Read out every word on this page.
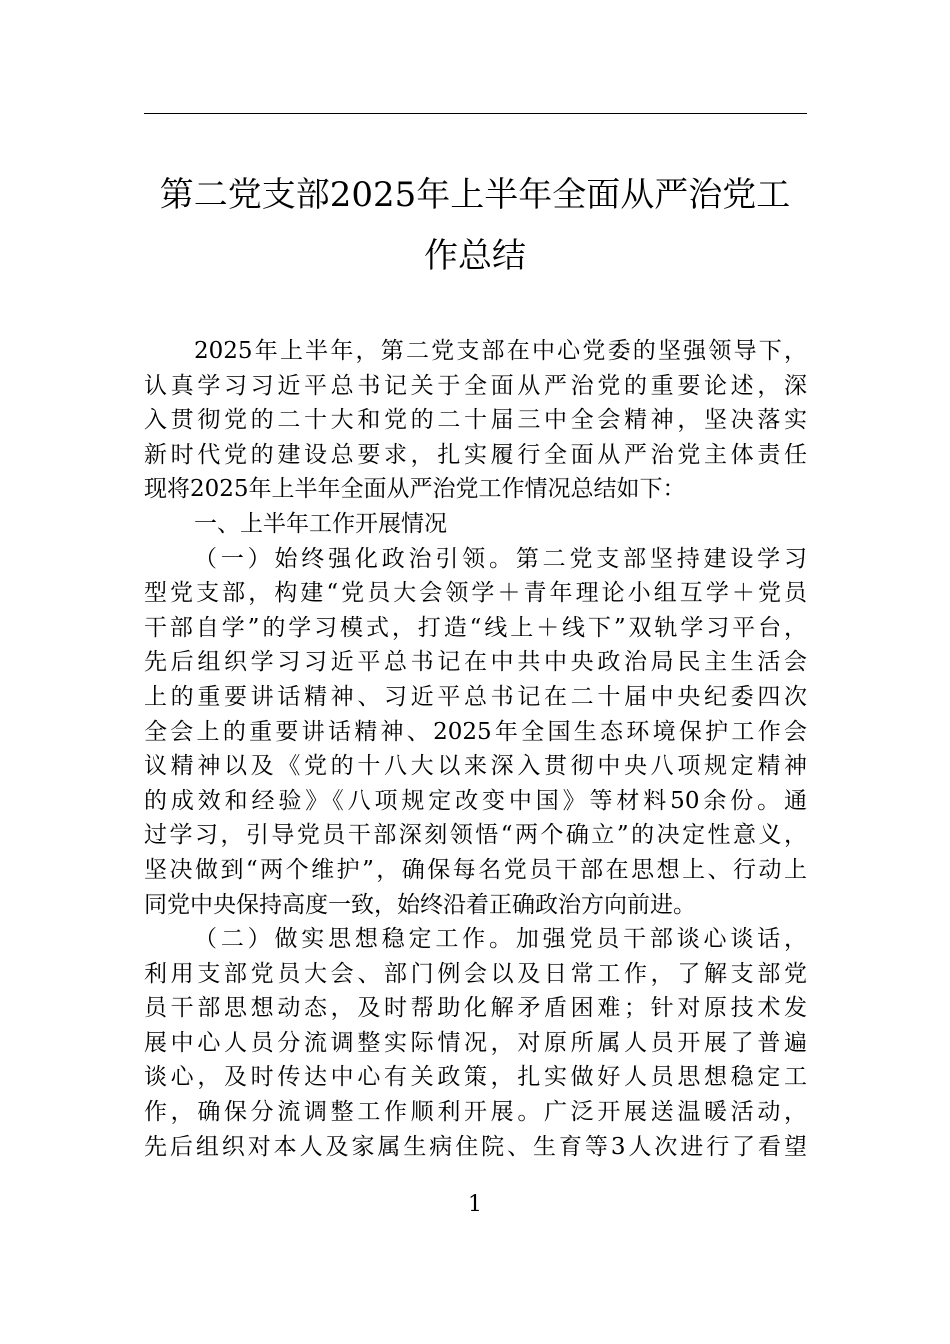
第二党支部2025年上半年全面从严治党工
作总结
2025年上半年，第二党支部在中心党委的坚强领导下，
认真学习习近平总书记关于全面从严治党的重要论述，深
入贯彻党的二十大和党的二十届三中全会精神，坚决落实
新时代党的建设总要求，扎实履行全面从严治党主体责任
现将2025年上半年全面从严治党工作情况总结如下：
一、上半年工作开展情况
（一）始终强化政治引领。第二党支部坚持建设学习
型党支部，构建“党员大会领学＋青年理论小组互学＋党员
干部自学”的学习模式，打造“线上＋线下”双轨学习平台，
先后组织学习习近平总书记在中共中央政治局民主生活会
上的重要讲话精神、习近平总书记在二十届中央纪委四次
全会上的重要讲话精神、2025年全国生态环境保护工作会
议精神以及《党的十八大以来深入贯彻中央八项规定精神
的成效和经验》《八项规定改变中国》等材料50余份。通
过学习，引导党员干部深刻领悟“两个确立”的决定性意义，
坚决做到“两个维护”，确保每名党员干部在思想上、行动上
同党中央保持高度一致，始终沿着正确政治方向前进。
（二）做实思想稳定工作。加强党员干部谈心谈话，
利用支部党员大会、部门例会以及日常工作，了解支部党
员干部思想动态，及时帮助化解矛盾困难；针对原技术发
展中心人员分流调整实际情况，对原所属人员开展了普遍
谈心，及时传达中心有关政策，扎实做好人员思想稳定工
作，确保分流调整工作顺利开展。广泛开展送温暖活动，
先后组织对本人及家属生病住院、生育等3人次进行了看望
1
